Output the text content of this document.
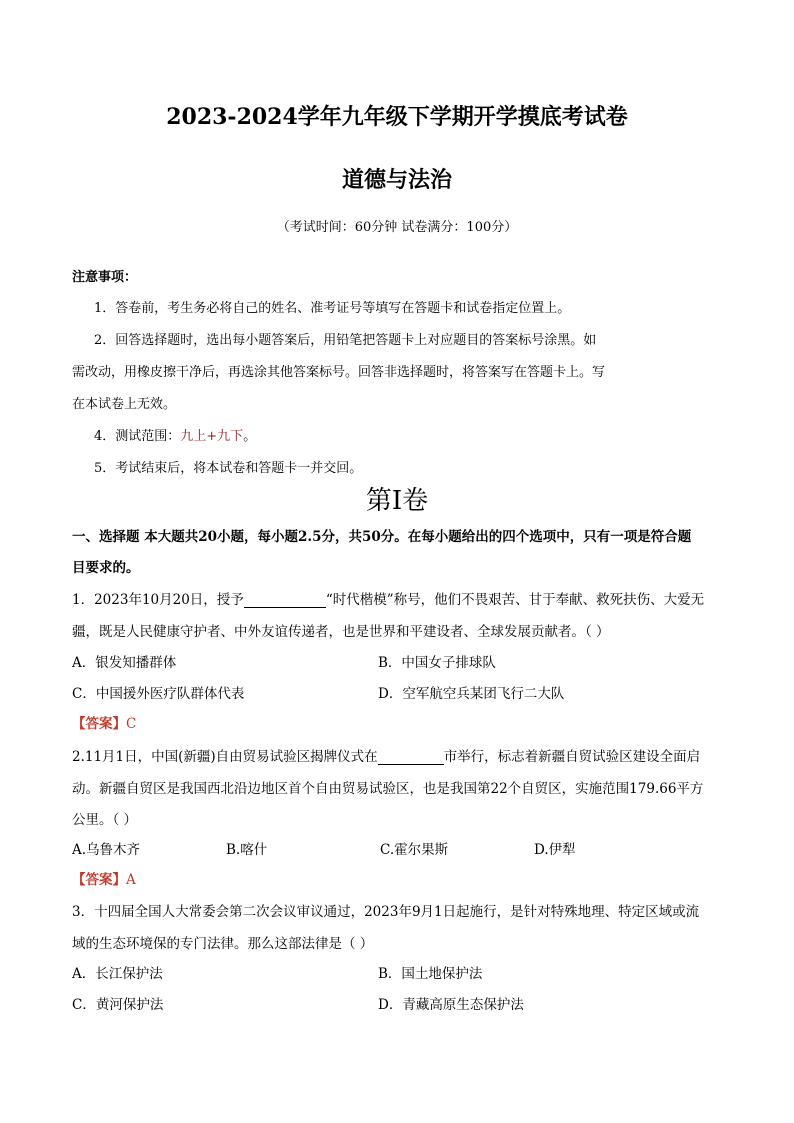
2023-2024学年九年级下学期开学摸底考试卷
道德与法治
（考试时间：60分钟 试卷满分：100分）
注意事项：
1．答卷前，考生务必将自己的姓名、准考证号等填写在答题卡和试卷指定位置上。
2．回答选择题时，选出每小题答案后，用铅笔把答题卡上对应题目的答案标号涂黑。如
需改动，用橡皮擦干净后，再选涂其他答案标号。回答非选择题时，将答案写在答题卡上。写
在本试卷上无效。
4．测试范围：九上+九下。
5．考试结束后，将本试卷和答题卡一并交回。
第Ⅰ卷
一、选择题 本大题共20小题，每小题2.5分，共50分。在每小题给出的四个选项中，只有一项是符合题
目要求的。
1．2023年10月20日，授予	“时代楷模”称号，他们不畏艰苦、甘于奉献、救死扶伤、大爱无
疆，既是人民健康守护者、中外友谊传递者，也是世界和平建设者、全球发展贡献者。（ ）
A．银发知播群体	B．中国女子排球队
C．中国援外医疗队群体代表	D．空军航空兵某团飞行二大队
【答案】C
2.11月1日，中国(新疆)自由贸易试验区揭牌仪式在	市举行，标志着新疆自贸试验区建设全面启
动。新疆自贸区是我国西北沿边地区首个自由贸易试验区，也是我国第22个自贸区，实施范围179.66平方
公里。（ ）
A.乌鲁木齐	B.喀什	C.霍尔果斯	D.伊犁
【答案】A
3．十四届全国人大常委会第二次会议审议通过，2023年9月1日起施行，是针对特殊地理、特定区域或流
域的生态环境保的专门法律。那么这部法律是（ ）
A．长江保护法	B．国土地保护法
C．黄河保护法	D．青藏高原生态保护法
